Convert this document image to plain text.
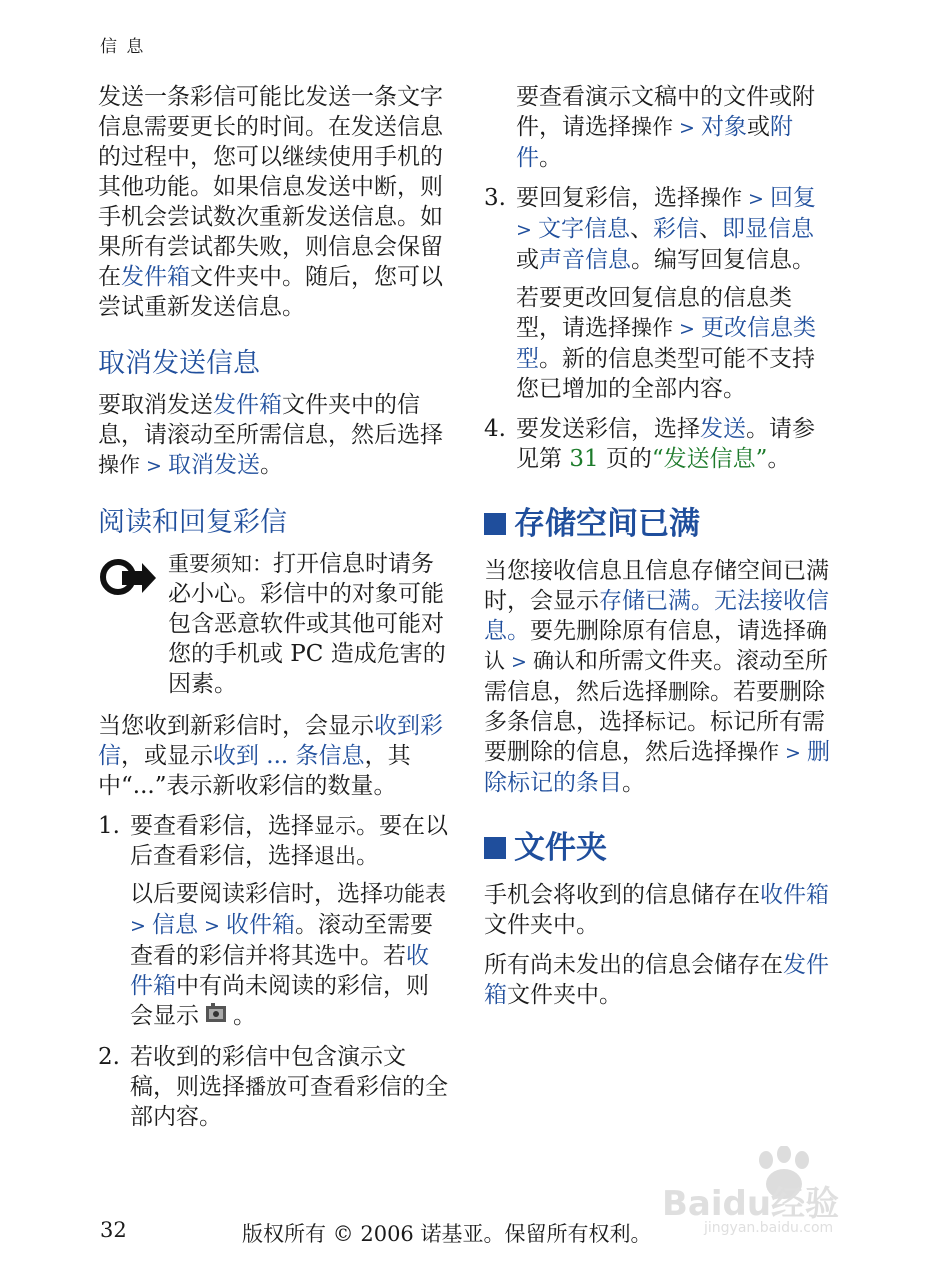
信 息

发送一条彩信可能比发送一条文字信息需要更长的时间。在发送信息的过程中，您可以继续使用手机的其他功能。如果信息发送中断，则手机会尝试数次重新发送信息。如果所有尝试都失败，则信息会保留在发件箱文件夹中。随后，您可以尝试重新发送信息。

取消发送信息

要取消发送发件箱文件夹中的信息，请滚动至所需信息，然后选择操作 > 取消发送。

阅读和回复彩信
重要须知：打开信息时请务必小心。彩信中的对象可能包含恶意软件或其他可能对您的手机或 PC 造成危害的因素。

当您收到新彩信时，会显示收到彩信，或显示收到 ... 条信息，其中“...”表示新收彩信的数量。

1. 要查看彩信，选择显示。要在以后查看彩信，选择退出。

以后要阅读彩信时，选择功能表 > 信息 > 收件箱。滚动至需要查看的彩信并将其选中。若收件箱中有尚未阅读的彩信，则会显示 。

2. 若收到的彩信中包含演示文稿，则选择播放可查看彩信的全部内容。

要查看演示文稿中的文件或附件，请选择操作 > 对象或附件。

3. 要回复彩信，选择操作 > 回复 > 文字信息、彩信、即显信息或声音信息。编写回复信息。

若要更改回复信息的信息类型，请选择操作 > 更改信息类型。新的信息类型可能不支持您已增加的全部内容。

4. 要发送彩信，选择发送。请参见第 31 页的“发送信息”。
存储空间已满

当您接收信息且信息存储空间已满时，会显示存储已满。无法接收信息。要先删除原有信息，请选择确认 > 确认和所需文件夹。滚动至所需信息，然后选择删除。若要删除多条信息，选择标记。标记所有需要删除的信息，然后选择操作 > 删除标记的条目。

文件夹

手机会将收到的信息储存在收件箱文件夹中。

所有尚未发出的信息会储存在发件箱文件夹中。

Baidu经验
jingyan.baidu.com
32	版权所有 © 2006 诺基亚。保留所有权利。
